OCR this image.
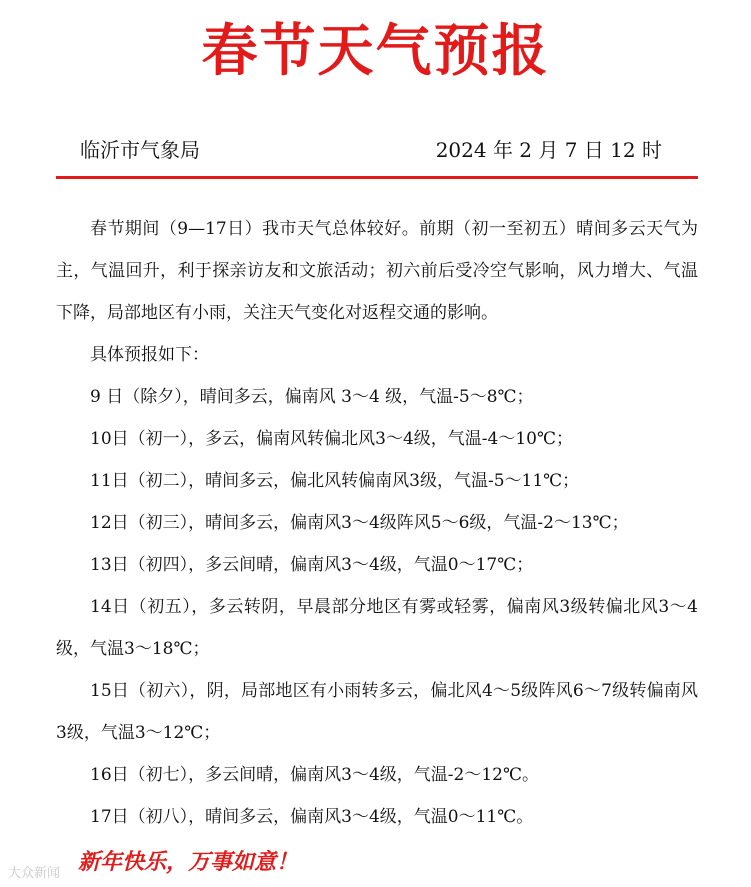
春节天气预报
临沂市气象局	2024 年 2 月 7 日 12 时

春节期间（9—17日）我市天气总体较好。前期（初一至初五）晴间多云天气为主，气温回升，利于探亲访友和文旅活动；初六前后受冷空气影响，风力增大、气温下降，局部地区有小雨，关注天气变化对返程交通的影响。

具体预报如下：

9 日（除夕），晴间多云，偏南风 3～4 级，气温-5～8℃；

10日（初一），多云，偏南风转偏北风3～4级，气温-4～10℃；

11日（初二），晴间多云，偏北风转偏南风3级，气温-5～11℃；

12日（初三），晴间多云，偏南风3～4级阵风5～6级，气温-2～13℃；

13日（初四），多云间晴，偏南风3～4级，气温0～17℃；

14日（初五），多云转阴，早晨部分地区有雾或轻雾，偏南风3级转偏北风3～4级，气温3～18℃；

15日（初六），阴，局部地区有小雨转多云，偏北风4～5级阵风6～7级转偏南风3级，气温3～12℃；

16日（初七），多云间晴，偏南风3～4级，气温-2～12℃。

17日（初八），晴间多云，偏南风3～4级，气温0～11℃。

新年快乐，万事如意！
大众新闻
